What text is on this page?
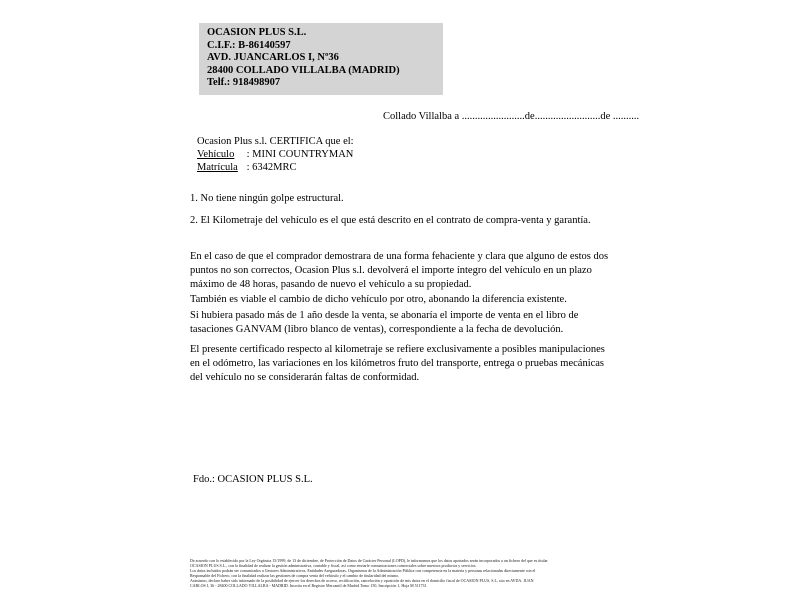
OCASION PLUS S.L.
C.I.F.: B-86140597
AVD. JUANCARLOS I, Nº36
28400 COLLADO VILLALBA (MADRID)
Telf.: 918498907
Collado Villalba a ........................de.........................de ..........
Ocasion Plus s.l. CERTIFICA que el:
Vehículo : MINI COUNTRYMAN
Matrícula : 6342MRC
1. No tiene ningún golpe estructural.
2. El Kilometraje del vehículo es el que está descrito en el contrato de compra-venta y garantía.
En el caso de que el comprador demostrara de una forma fehaciente y clara que alguno de estos dos puntos no son correctos, Ocasion Plus s.l. devolverá el importe íntegro del vehículo en un plazo máximo de 48 horas, pasando de nuevo el vehículo a su propiedad.
También es viable el cambio de dicho vehículo por otro, abonando la diferencia existente.
Si hubiera pasado más de 1 año desde la venta, se abonaría el importe de venta en el libro de tasaciones GANVAM (libro blanco de ventas), correspondiente a la fecha de devolución.
El presente certificado respecto al kilometraje se refiere exclusivamente a posibles manipulaciones en el odómetro, las variaciones en los kilómetros fruto del transporte, entrega o pruebas mecánicas del vehículo no se considerarán faltas de conformidad.
Fdo.: OCASION PLUS S.L.
De acuerdo con lo establecido por la Ley Orgánica 15/1999, de 13 de diciembre, de Protección de Datos de Carácter Personal (LOPD), le informamos que los datos aportados serán incorporados a un fichero del que es titular
OCASIÓN PLUS S.L., con la finalidad de realizar la gestión administrativa, contable y fiscal, así como enviarle comunicaciones comerciales sobre nuestros productos y servicios.
Los datos incluidos podrán ser comunicados a Gestores Administrativos, Entidades Aseguradoras, Organismos de la Administración Pública con competencia en la materia y personas relacionadas directamente con el
Responsable del Fichero, con la finalidad realizar las gestiones de compra venta del vehículo y el cambio de titularidad del mismo.
Asimismo, declaro haber sido informado de la posibilidad de ejercer los derechos de acceso, rectificación, cancelación y oposición de mis datos en el domicilio fiscal de OCASIÓN PLUS, S.L, sito en AVDA. JUAN
CARLOS I, 36 - 28400 COLLADO VILLALBA - MADRID. Inscrita en el Registro Mercantil de Madrid Tomo 150, Inscripción 1, Hoja M 511731
